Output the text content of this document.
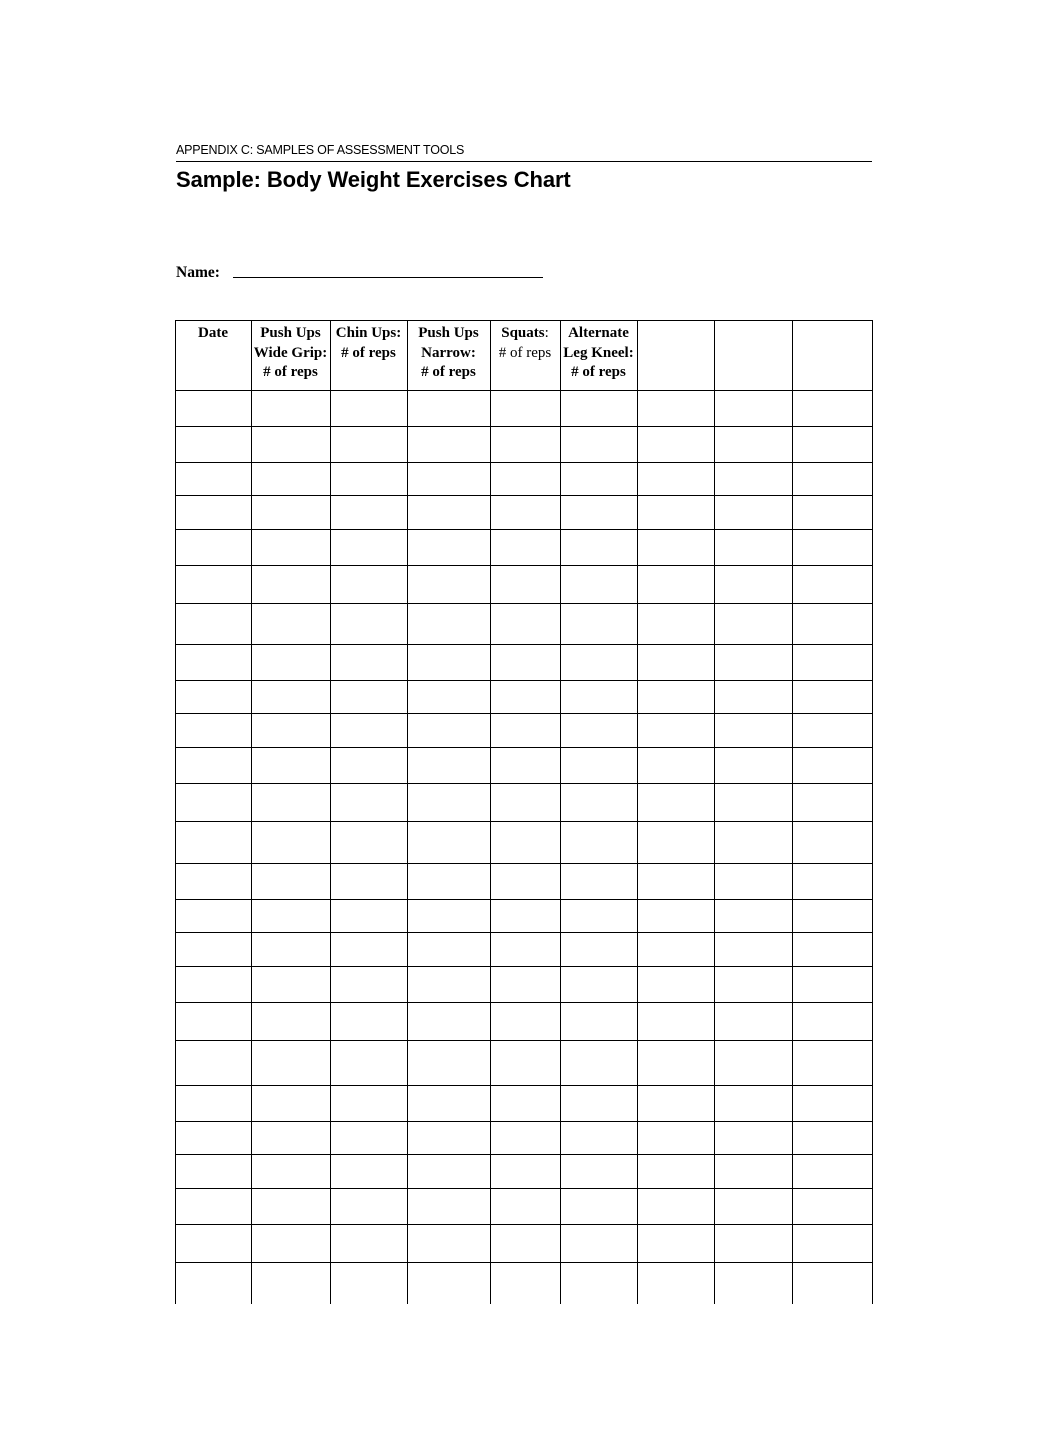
APPENDIX C: SAMPLES OF ASSESSMENT TOOLS
Sample: Body Weight Exercises Chart
Name:
Date	Push Ups
Wide Grip:
# of reps
Chin Ups:
# of reps
Push Ups
Narrow:
# of reps
Squats:
# of reps
Alternate
Leg Kneel:
# of reps
